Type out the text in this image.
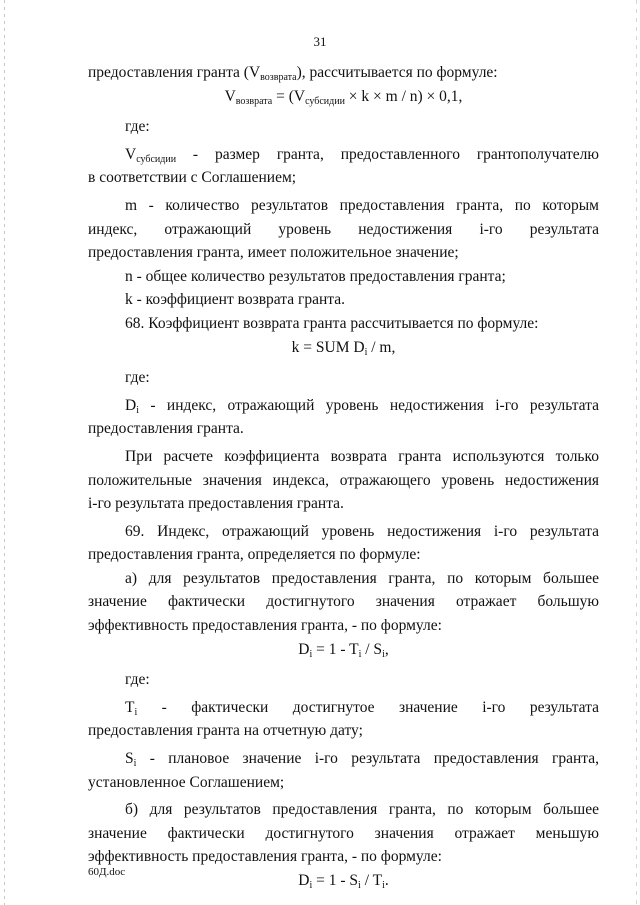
31
предоставления гранта $(V_{возврата})$, рассчитывается по формуле:
$V_{возврата} = (V_{субсидии} \times k \times m / n) \times 0,1$,
где:
$V_{субсидии}$ - размер гранта, предоставленного грантополучателю
в соответствии с Соглашением;
m - количество результатов предоставления гранта, по которым
индекс, отражающий уровень недостижения i-го результата
предоставления гранта, имеет положительное значение;
n - общее количество результатов предоставления гранта;
k - коэффициент возврата гранта.
68. Коэффициент возврата гранта рассчитывается по формуле:
k = SUM $D_i$ / m,
где:
$D_i$ - индекс, отражающий уровень недостижения i-го результата
предоставления гранта.
При расчете коэффициента возврата гранта используются только
положительные значения индекса, отражающего уровень недостижения
i-го результата предоставления гранта.
69. Индекс, отражающий уровень недостижения i-го результата
предоставления гранта, определяется по формуле:
а) для результатов предоставления гранта, по которым большее
значение фактически достигнутого значения отражает большую
эффективность предоставления гранта, - по формуле:
$D_i = 1 - T_i / S_i$,
где:
$T_i$ - фактически достигнутое значение i-го результата
предоставления гранта на отчетную дату;
$S_i$ - плановое значение i-го результата предоставления гранта,
установленное Соглашением;
б) для результатов предоставления гранта, по которым большее
значение фактически достигнутого значения отражает меньшую
эффективность предоставления гранта, - по формуле:
$D_i = 1 - S_i / T_i$.
60Д.doc
